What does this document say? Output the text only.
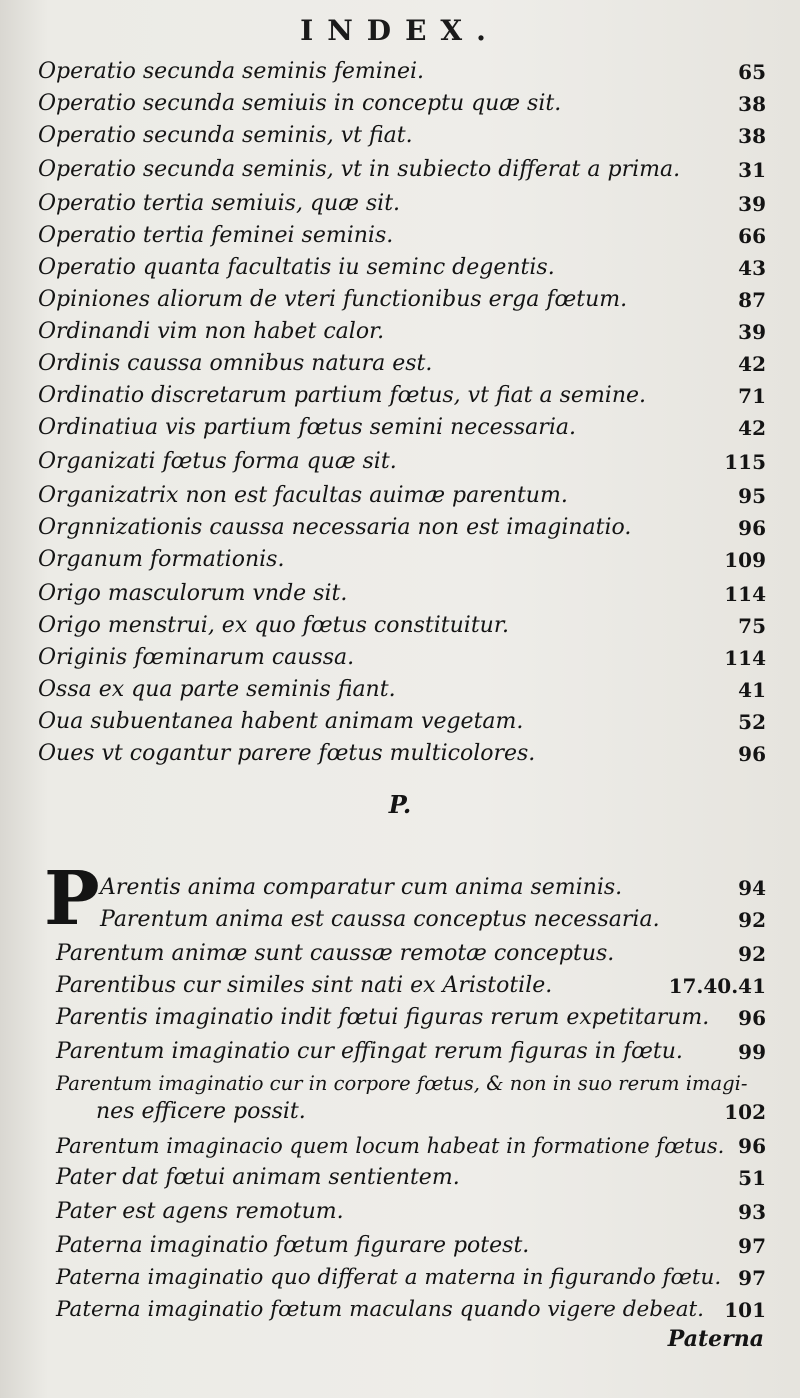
INDEX.
Operatio secunda seminis feminei.	65
Operatio secunda semiuis in conceptu quæ sit.	38
Operatio secunda seminis, vt fiat.	38
Operatio secunda seminis, vt in subiecto differat a prima.	31
Operatio tertia semiuis, quæ sit.	39
Operatio tertia feminei seminis.	66
Operatio quanta facultatis iu seminc degentis.	43
Opiniones aliorum de vteri functionibus erga fœtum.	87
Ordinandi vim non habet calor.	39
Ordinis caussa omnibus natura est.	42
Ordinatio discretarum partium fœtus, vt fiat a semine.	71
Ordinatiua vis partium fœtus semini necessaria.	42
Organizati fœtus forma quæ sit.	115
Organizatrix non est facultas auimæ parentum.	95
Orgnnizationis caussa necessaria non est imaginatio.	96
Organum formationis.	109
Origo masculorum vnde sit.	114
Origo menstrui, ex quo fœtus constituitur.	75
Originis fœminarum caussa.	114
Ossa ex qua parte seminis fiant.	41
Oua subuentanea habent animam vegetam.	52
Oues vt cogantur parere fœtus multicolores.	96
P.
P Arentis anima comparatur cum anima seminis.	94
Parentum anima est caussa conceptus necessaria.	92
Parentum animæ sunt caussæ remotæ conceptus.	92
Parentibus cur similes sint nati ex Aristotile.	17.40.41
Parentis imaginatio indit fœtui figuras rerum expetitarum. 96
Parentum imaginatio cur effingat rerum figuras in fœtu.	99
Parentum imaginatio cur in corpore fœtus, & non in suo rerum imagi-
nes efficere possit.	102
Parentum imaginacio quem locum habeat in formatione fœtus. 96
Pater dat fœtui animam sentientem.	51
Pater est agens remotum.	93
Paterna imaginatio fœtum figurare potest.	97
Paterna imaginatio quo differat a materna in figurando fœtu. 97
Paterna imaginatio fœtum maculans quando vigere debeat. 101
Paterna
